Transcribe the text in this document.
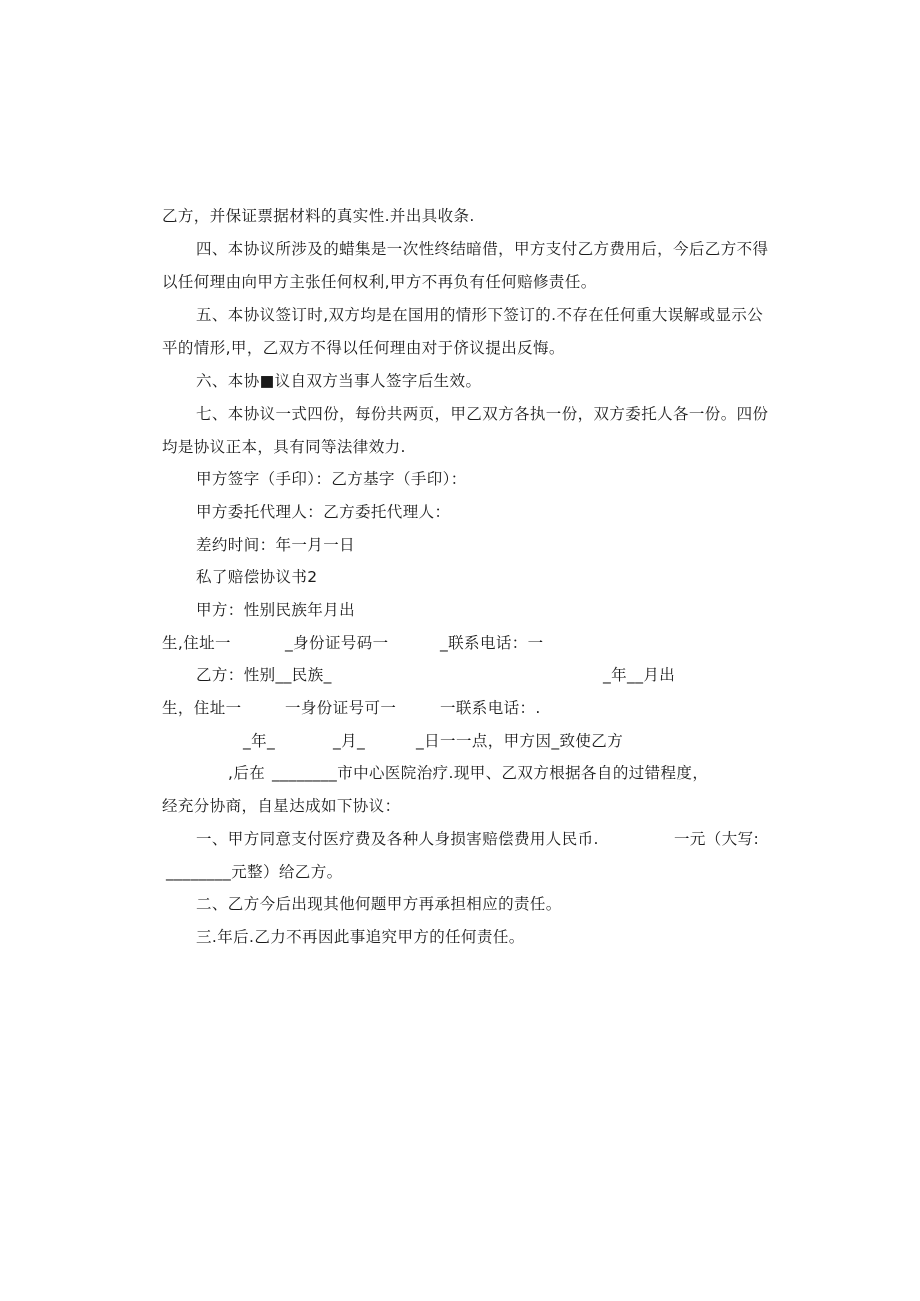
乙方，并保证票据材料的真实性.并出具收条.
四、本协议所涉及的蜡集是一次性终结暗借，甲方支付乙方费用后，今后乙方不得
以任何理由向甲方主张任何权利,甲方不再负有任何赔修责任。
五、本协议签订时,双方均是在国用的情形下签订的.不存在任何重大误解或显示公
平的情形,甲，乙双方不得以任何理由对于侪议提出反悔。
六、本协■议自双方当事人签字后生效。
七、本协议一式四份，每份共两页，甲乙双方各执一份，双方委托人各一份。四份
均是协议正本，具有同等法律效力.
甲方签字（手印）：乙方基字（手印）：
甲方委托代理人：乙方委托代理人：
差约时间：年一月一日
私了赔偿协议书2
甲方：性别民族年月出
生,住址一	_身份证号码一	_联系电话：一
乙方：性别__民族_	_年__月出
生，住址一	一身份证号可一	一联系电话：.
_年_	_月_	_日一一点，甲方因_致使乙方
,后在 ________市中心医院治疗.现甲、乙双方根据各自的过错程度，
经充分协商，自星达成如下协议：
一、甲方同意支付医疗费及各种人身损害赔偿费用人民币.	一元（大写:
________元整）给乙方。
二、乙方今后出现其他何题甲方再承担相应的责任。
三.年后.乙力不再因此事追究甲方的任何责任。
